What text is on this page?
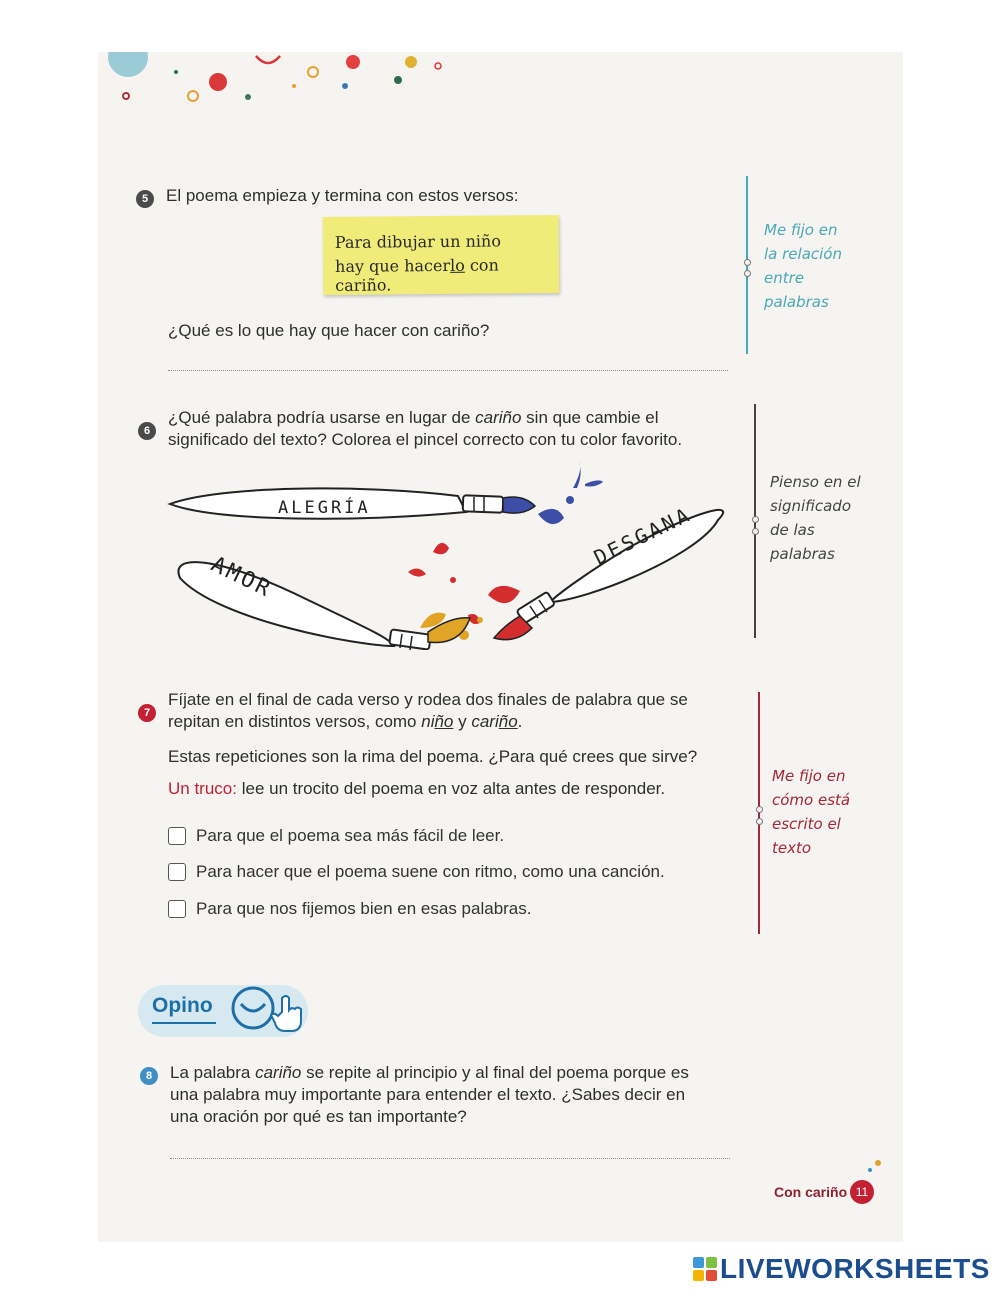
5	El poema empieza y termina con estos versos:
Para dibujar un niño
hay que hacerlo con cariño.
¿Qué es lo que hay que hacer con cariño?
Me fijo en
la relación
entre
palabras
6
¿Qué palabra podría usarse en lugar de cariño sin que cambie el
significado del texto? Colorea el pincel correcto con tu color favorito.
ALEGRÍA
AMOR
DESGANA
Pienso en el
significado
de las
palabras
7
Fíjate en el final de cada verso y rodea dos finales de palabra que se
repitan en distintos versos, como niño y cariño.
Estas repeticiones son la rima del poema. ¿Para qué crees que sirve?
Un truco: lee un trocito del poema en voz alta antes de responder.
Para que el poema sea más fácil de leer.
Para hacer que el poema suene con ritmo, como una canción.
Para que nos fijemos bien en esas palabras.
Me fijo en
cómo está
escrito el
texto
Opino
8	La palabra cariño se repite al principio y al final del poema porque es
una palabra muy importante para entender el texto. ¿Sabes decir en
una oración por qué es tan importante?
Con cariño 11
LIVEWORKSHEETS
